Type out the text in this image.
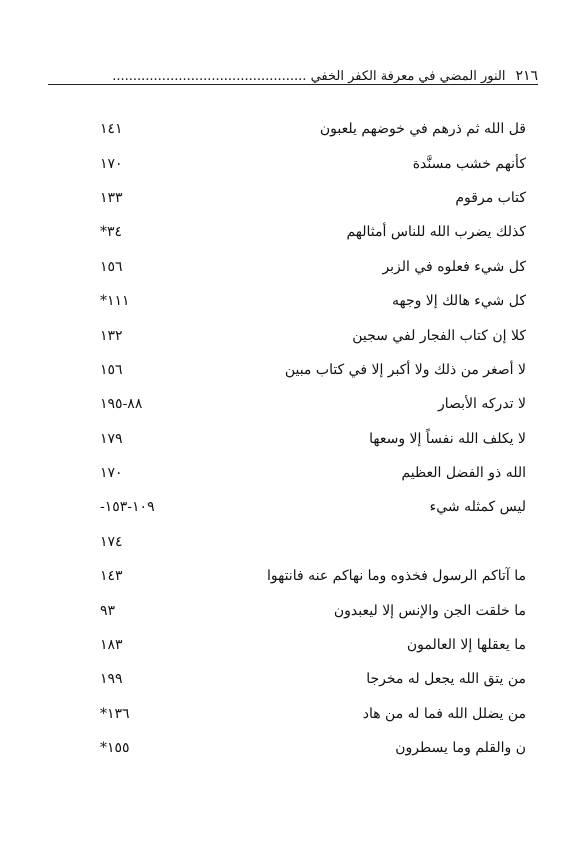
٢١٦
النور المضي في معرفة الكفر الخفي ...............................................
قل الله ثم ذرهم في خوضهم يلعبون
١٤١
كأنهم خشب مسنَّدة
١٧٠
كتاب مرقوم
١٣٣
كذلك يضرب الله للناس أمثالهم
٣٤*
كل شيء فعلوه في الزبر
١٥٦
كل شيء هالك إلا وجهه
١١١*
كلا إن كتاب الفجار لفي سجين
١٣٢
لا أصغر من ذلك ولا أكبر إلا في كتاب مبين
١٥٦
لا تدركه الأبصار
٨٨-١٩٥
لا يكلف الله نفساً إلا وسعها
١٧٩
الله ذو الفضل العظيم
١٧٠
ليس كمثله شيء
١٠٩-١٥٣-
١٧٤
ما آتاكم الرسول فخذوه وما نهاكم عنه فانتهوا
١٤٣
ما خلقت الجن والإنس إلا ليعبدون
٩٣
ما يعقلها إلا العالمون
١٨٣
من يتق الله يجعل له مخرجا
١٩٩
من يضلل الله فما له من هاد
١٣٦*
ن والقلم وما يسطرون
١٥٥*
